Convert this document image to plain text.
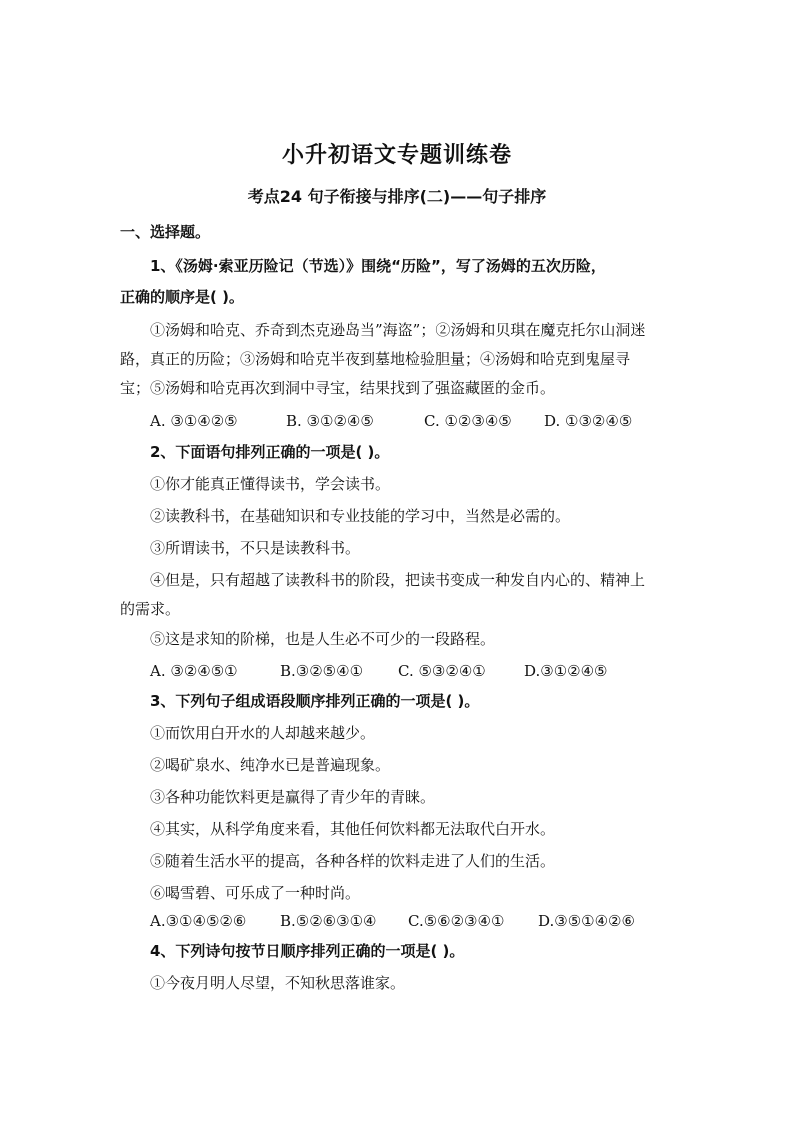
小升初语文专题训练卷
考点24 句子衔接与排序(二)——句子排序
一、选择题。
1、《汤姆·索亚历险记（节选）》围绕“历险”，写了汤姆的五次历险，
正确的顺序是( )。
①汤姆和哈克、乔奇到杰克逊岛当”海盗”；②汤姆和贝琪在魔克托尔山洞迷
路，真正的历险；③汤姆和哈克半夜到墓地检验胆量；④汤姆和哈克到鬼屋寻
宝；⑤汤姆和哈克再次到洞中寻宝，结果找到了强盗藏匿的金币。
A. ③①④②⑤	B. ③①②④⑤	C. ①②③④⑤ D. ①③②④⑤
2、下面语句排列正确的一项是( )。
①你才能真正懂得读书，学会读书。
②读教科书，在基础知识和专业技能的学习中，当然是必需的。
③所谓读书，不只是读教科书。
④但是，只有超越了读教科书的阶段，把读书变成一种发自内心的、精神上
的需求。
⑤这是求知的阶梯，也是人生必不可少的一段路程。
A. ③②④⑤①	B.③②⑤④① C. ⑤③②④①	D.③①②④⑤
3、下列句子组成语段顺序排列正确的一项是( )。
①而饮用白开水的人却越来越少。
②喝矿泉水、纯净水已是普遍现象。
③各种功能饮料更是赢得了青少年的青睐。
④其实，从科学角度来看，其他任何饮料都无法取代白开水。
⑤随着生活水平的提高，各种各样的饮料走进了人们的生活。
⑥喝雪碧、可乐成了一种时尚。
A.③①④⑤②⑥ B.⑤②⑥③①④ C.⑤⑥②③④① D.③⑤①④②⑥
4、下列诗句按节日顺序排列正确的一项是( )。
①今夜月明人尽望，不知秋思落谁家。
